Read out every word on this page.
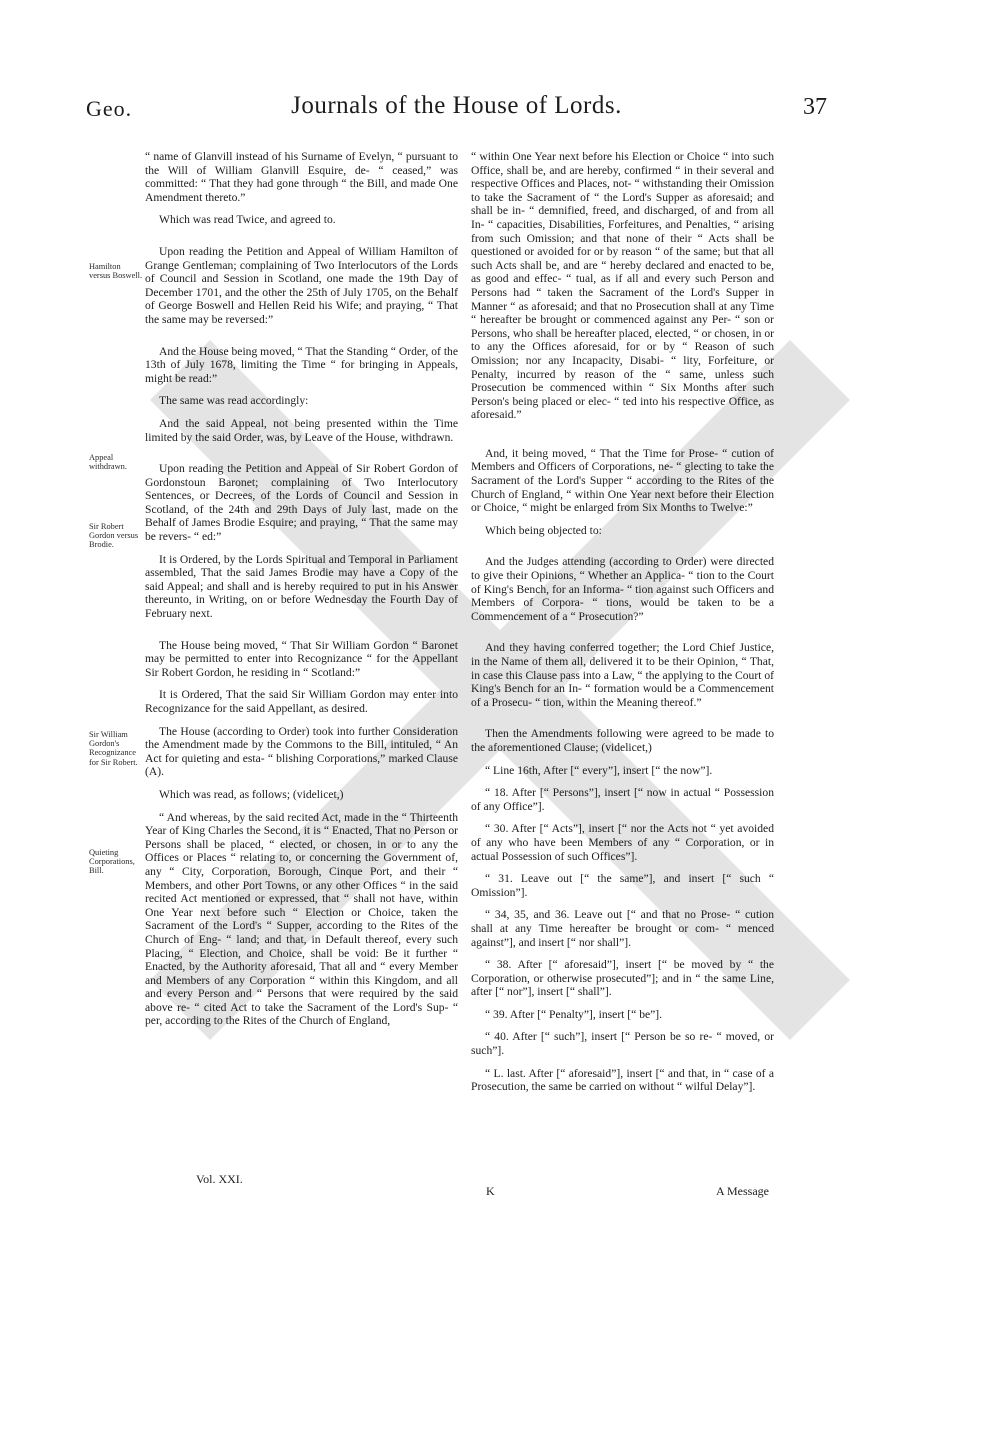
Geo.	Journals of the House of Lords.	37
Hamilton versus Boswell.
Appeal withdrawn.
Sir Robert Gordon versus Brodie.
Sir William Gordon's Recognizance for Sir Robert.
Quieting Corporations, Bill.

“ name of Glanvill instead of his Surname of Evelyn, “ pursuant to the Will of William Glanvill Esquire, de- “ ceased,” was committed: “ That they had gone through “ the Bill, and made One Amendment thereto.”

Which was read Twice, and agreed to.

Upon reading the Petition and Appeal of William Hamilton of Grange Gentleman; complaining of Two Interlocutors of the Lords of Council and Session in Scotland, one made the 19th Day of December 1701, and the other the 25th of July 1705, on the Behalf of George Boswell and Hellen Reid his Wife; and praying, “ That the same may be reversed:”

And the House being moved, “ That the Standing “ Order, of the 13th of July 1678, limiting the Time “ for bringing in Appeals, might be read:”

The same was read accordingly:

And the said Appeal, not being presented within the Time limited by the said Order, was, by Leave of the House, withdrawn.

Upon reading the Petition and Appeal of Sir Robert Gordon of Gordonstoun Baronet; complaining of Two Interlocutory Sentences, or Decrees, of the Lords of Council and Session in Scotland, of the 24th and 29th Days of July last, made on the Behalf of James Brodie Esquire; and praying, “ That the same may be revers- “ ed:”

It is Ordered, by the Lords Spiritual and Temporal in Parliament assembled, That the said James Brodie may have a Copy of the said Appeal; and shall and is hereby required to put in his Answer thereunto, in Writing, on or before Wednesday the Fourth Day of February next.

The House being moved, “ That Sir William Gordon “ Baronet may be permitted to enter into Recognizance “ for the Appellant Sir Robert Gordon, he residing in “ Scotland:”

It is Ordered, That the said Sir William Gordon may enter into Recognizance for the said Appellant, as desired.

The House (according to Order) took into further Consideration the Amendment made by the Commons to the Bill, intituled, “ An Act for quieting and esta- “ blishing Corporations,” marked Clause (A).

Which was read, as follows; (videlicet,)

“ And whereas, by the said recited Act, made in the “ Thirteenth Year of King Charles the Second, it is “ Enacted, That no Person or Persons shall be placed, “ elected, or chosen, in or to any the Offices or Places “ relating to, or concerning the Government of, any “ City, Corporation, Borough, Cinque Port, and their “ Members, and other Port Towns, or any other Offices “ in the said recited Act mentioned or expressed, that “ shall not have, within One Year next before such “ Election or Choice, taken the Sacrament of the Lord's “ Supper, according to the Rites of the Church of Eng- “ land; and that, in Default thereof, every such Placing, “ Election, and Choice, shall be void: Be it further “ Enacted, by the Authority aforesaid, That all and “ every Member and Members of any Corporation “ within this Kingdom, and all and every Person and “ Persons that were required by the said above re- “ cited Act to take the Sacrament of the Lord's Sup- “ per, according to the Rites of the Church of England,

“ within One Year next before his Election or Choice “ into such Office, shall be, and are hereby, confirmed “ in their several and respective Offices and Places, not- “ withstanding their Omission to take the Sacrament of “ the Lord's Supper as aforesaid; and shall be in- “ demnified, freed, and discharged, of and from all In- “ capacities, Disabilities, Forfeitures, and Penalties, “ arising from such Omission; and that none of their “ Acts shall be questioned or avoided for or by reason “ of the same; but that all such Acts shall be, and are “ hereby declared and enacted to be, as good and effec- “ tual, as if all and every such Person and Persons had “ taken the Sacrament of the Lord's Supper in Manner “ as aforesaid; and that no Prosecution shall at any Time “ hereafter be brought or commenced against any Per- “ son or Persons, who shall be hereafter placed, elected, “ or chosen, in or to any the Offices aforesaid, for or by “ Reason of such Omission; nor any Incapacity, Disabi- “ lity, Forfeiture, or Penalty, incurred by reason of the “ same, unless such Prosecution be commenced within “ Six Months after such Person's being placed or elec- “ ted into his respective Office, as aforesaid.”

And, it being moved, “ That the Time for Prose- “ cution of Members and Officers of Corporations, ne- “ glecting to take the Sacrament of the Lord's Supper “ according to the Rites of the Church of England, “ within One Year next before their Election or Choice, “ might be enlarged from Six Months to Twelve:”

Which being objected to:

And the Judges attending (according to Order) were directed to give their Opinions, “ Whether an Applica- “ tion to the Court of King's Bench, for an Informa- “ tion against such Officers and Members of Corpora- “ tions, would be taken to be a Commencement of a “ Prosecution?”

And they having conferred together; the Lord Chief Justice, in the Name of them all, delivered it to be their Opinion, “ That, in case this Clause pass into a Law, “ the applying to the Court of King's Bench for an In- “ formation would be a Commencement of a Prosecu- “ tion, within the Meaning thereof.”

Then the Amendments following were agreed to be made to the aforementioned Clause; (videlicet,)

“ Line 16th, After [“ every”], insert [“ the now”].

“ 18. After [“ Persons”], insert [“ now in actual “ Possession of any Office”].

“ 30. After [“ Acts”], insert [“ nor the Acts not “ yet avoided of any who have been Members of any “ Corporation, or in actual Possession of such Offices”].

“ 31. Leave out [“ the same”], and insert [“ such “ Omission”].

“ 34, 35, and 36. Leave out [“ and that no Prose- “ cution shall at any Time hereafter be brought or com- “ menced against”], and insert [“ nor shall”].

“ 38. After [“ aforesaid”], insert [“ be moved by “ the Corporation, or otherwise prosecuted”]; and in “ the same Line, after [“ nor”], insert [“ shall”].

“ 39. After [“ Penalty”], insert [“ be”].

“ 40. After [“ such”], insert [“ Person be so re- “ moved, or such”].

“ L. last. After [“ aforesaid”], insert [“ and that, in “ case of a Prosecution, the same be carried on without “ wilful Delay”].

Vol. XXI.
K	A Message
